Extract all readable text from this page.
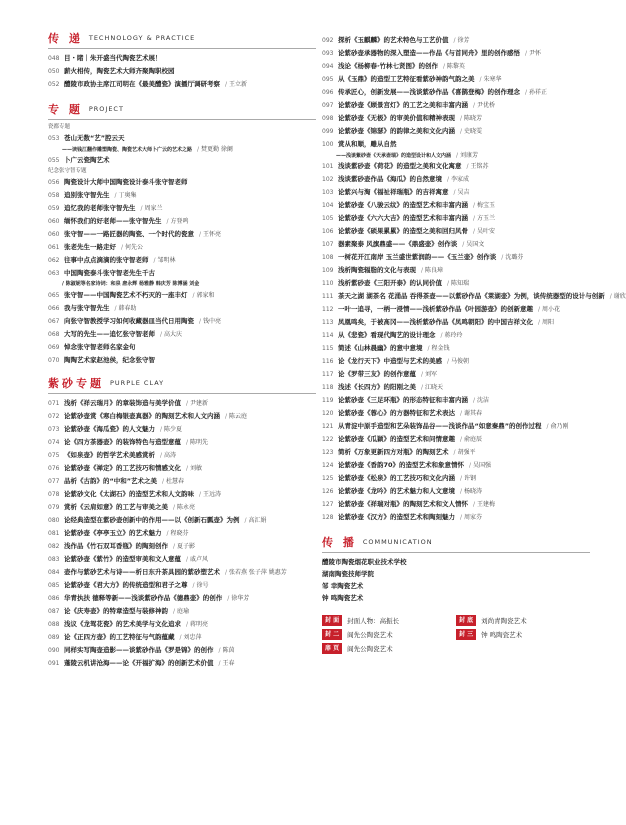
传 递 TECHNOLOGY & PRACTICE
048 目・睹｜朱开盛当代陶瓷艺术展！
050 薪火相传，陶瓷艺术大师齐聚陶职校园
052 醴陵市政协主席江司明在《最美醴瓷》演播厅调研考察	/ 王立新
专 题 PROJECT
瓷都专题
053 苍山无数“艺”腔云天
——读钱江翻作雕塑陶瓷、陶瓷艺术大师卜广云的艺术之路	/ 焚更勤 徐阑
055 卜广云瓷陶艺术
纪念张守智专题
056 陶瓷设计大师中国陶瓷设计泰斗张守智老师
058 追别张守智先生	/ 丁奥集
059 追忆我的老师张守智先生	/ 周家兰
060 缅怀我们的好老师——张守智先生	/ 方登鸣
060 张守智——一路匠器的陶瓷、一个时代的瓷意	/ 王怀亮
061 张老先生一路走好	/ 何先公
062 往事中点点滴滴的张守智老师	/ 邹明林
063 中国陶瓷泰斗张守智老先生千古
/ 陈淑妮等名家诗词：和泉 唐永辉 杨雅静 韩庆芳 陈博涵 刘金
065 张守智——中国陶瓷艺术不朽灭的一座丰灯	/ 郭家和
066 我与张守智先生	/ 韩春助
067 向张守智教授学习如何收藏器皿当代日用陶瓷	/ 钱中亮
068 大写的先生——追忆张守智老师	/ 高大庆
069 悼念张守智老师名家金句
070 陶陶艺术家赵池侯，纪念张守智
紫砂专题 PURPLE CLAY
071 浅析《祥云瑞月》的章装饰造与美学价值	/ 尹建新
072 论紫砂壶赏《寒白梅银壶真器》的陶刻艺术和人文内涵	/ 陈云庭
073 论紫砂壶《海瓜瓷》的人文魅力	/ 陈少夏
074 论《四方茶器壶》的装饰特色与造型意蕴	/ 陈明先
075 《如泉壶》的哲学艺术美感赏析	/ 高涛
076 论紫砂壶《禅定》的工艺技巧和情感文化	/ 刘敏
077 品析《古韵》的“中和”艺术之美	/ 杜慧春
078 论紫砂文化《太湖石》的造型艺术和人文韵味	/ 王远涛
079 赏析《云肩如意》的工艺与审美之美	/ 陈永亮
080 论经典造型在紫砂壶创新中的作用——以《创新石瓢壶》为例	/ 高汇娟
081 论紫砂壶《亭亭玉立》的艺术魅力	/ 程晓芬
082 浅作品《竹石双耳香瓶》的陶刻创作	/ 夏子影
083 论紫砂壶《紫竹》的造型审美和文人意蕴	/ 戚卢风
084 壶作与紫砂艺术与诗——析日东升茶具园的紫砂塑艺术	/ 张若燕 张子萍 姚惠芳
085 论紫砂壶《君大方》的传统造型和君子之尊	/ 徐号
086 华青执扶 德释等新——浅谈紫砂作品《德鼎壶》的创作	/ 徐华芳
087 论《庆寿壶》的特章造型与装修神韵	/ 庭瑜
088 浅议《龙驾花瓷》的艺术美学与文化追求	/ 蒋明亮
089 论《正四方壶》的工艺特征与气韵蕴藏	/ 刘忠萍
090 同样实写陶壶造影——谈紫砂作品《罗是锦》的创作	/ 陈茵
091 蓬陵云机讲沧海——论《开福扩海》的创新艺术价值	/ 王春
092 探析《玉麒麟》的艺术特色与工艺价值	/ 徐芳
093 论紫砂壶承器物的深入塑造——作品《与首同舟》里的创作感悟	/ 尹怀
094 浅论《杨柳春·竹林七贤图》的创作	/ 陈黎英
095 从《玉鼎》的造型工艺特征看紫砂神韵气韵之美	/ 朱寒华
096 传承匠心，创新发展——浅谈紫砂作品《喜鹊登梅》的创作理念	/ 孙祥正
097 论紫砂壶《顾景宫灯》的工艺之美和丰富内涵	/ 尹优桥
098 论紫砂壶《无极》的审美价值和精神表现	/ 陈晓芳
099 论紫砂壶《锦瑟》的韵律之美和文化内涵	/ 史晓雯
100 赏从和顺，雕从自然
——浅谈紫砂壶《天承壶瑞》的造型设计和人文内涵	/ 刘康芳
101 浅谈紫砂壶《荷花》的造型之美和文化寓意	/ 王铭苏
102 浅谈紫砂壶作品《海瓜》的自然意境	/ 李家成
103 论紫兴与淘《福祉祥瑞瓶》的吉祥寓意	/ 吴吉
104 论紫砂壶《八骏云纹》的造型艺术和丰富内涵	/ 梅宝玉
105 论紫砂壶《六六大吉》的造型艺术和丰富内涵	/ 方玉兰
106 论紫砂壶《硕果累累》的造型之美和回归风骨	/ 吴叶安
107 器素聚泰 风旗鼎盛——《鼎盛壶》创作谈	/ 吴国文
108 一树花开江南岸 玉兰盛世紫润韵——《玉兰壶》创作谈	/ 沈璐芬
109 浅析陶瓷辐脂的文化与表现	/ 陈良璋
110 浅析紫砂壶《三阳开泰》的认同价值	/ 陈知瑞
111 茶天之湖 湖茶名 花涌品 吞得茶壶——以紫砂作品《莱湖壶》为例，谈传统器型的设计与创新	/ 谢欣
112 一叶一追寻，一柄一浸情——浅析紫砂作品《叶园游壶》的创新意趣	/ 周小花
113 凤凰鸣矣，于被髙冈——浅析紫砂作品《凤鸣朝阳》的中国吉祥文化	/ 周阳
114 从《悲瓷》看现代陶艺的设计理念	/ 蒋玲玲
115 简述《山林晨幽》的意中意境	/ 程金钱
116 论《龙行天下》中造型与艺术的美感	/ 马俊朝
117 论《罗带三友》的创作意蕴	/ 刘军
118 浅述《长四方》的阳刚之美	/ 江晓天
119 论紫砂壶《三足环瓶》的形态特征和丰富内涵	/ 沈洁
120 论紫砂壶《蓉心》的方器特征和艺术表达	/ 谢其春
121 从青淀中原手造型和艺朵装饰品谷——浅谈作品“如意秦鼎”的创作过程	/ 俞乃刚
122 论紫砂壶《瓜颖》的造型艺术和问情意趣	/ 俞庭辰
123 简析《万象更新四方对瓶》的陶刻艺术	/ 胡强平
124 论紫砂壶《香韵70》的造型艺术和象意情怀	/ 吴国强
125 论紫砂壶《松泉》的工艺技巧和文化内涵	/ 许钢
126 论紫砂壶《龙吟》的艺术魅力和人文意境	/ 杨晓涛
127 论紫砂壶《祥瑞对瓶》的陶刻艺术和文人情怀	/ 王建梅
128 论紫砂壶《汉方》的造型艺术和陶刻魅力	/ 周家芬
传 播 COMMUNICATION
醴陵市陶瓷烟花职业技术学校
湖南陶瓷技师学院
邹 幸陶瓷艺术
钟 鸣陶瓷艺术
封 面	封面人物：高振长	封 底	刘尚青陶瓷艺术
封 二	阎先公陶瓷艺术	封 三	钟 鸣陶瓷艺术
扉 页	阎先公陶瓷艺术
